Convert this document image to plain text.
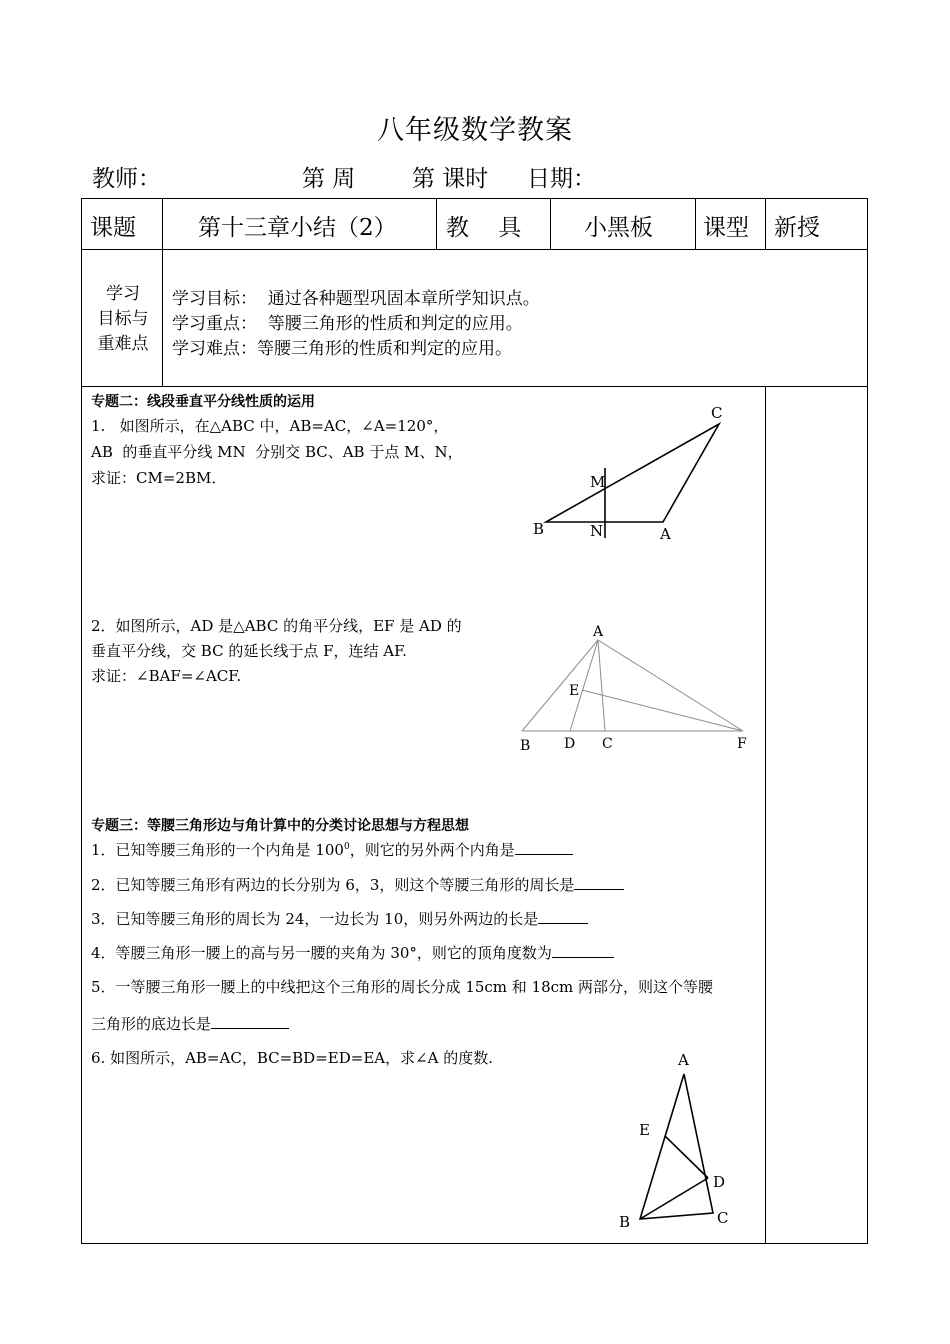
八年级数学教案
教师：	第 周 第 课时 日期：
课题	第十三章小结（2） 教    具	小黑板 课型 新授
学习
目标与
重难点
学习目标：  通过各种题型巩固本章所学知识点。
学习重点：  等腰三角形的性质和判定的应用。
学习难点：等腰三角形的性质和判定的应用。
专题二：线段垂直平分线性质的运用
1.   如图所示，在△ABC 中，AB=AC，∠A=120°，
AB  的垂直平分线 MN  分别交 BC、AB 于点 M、N，
求证：CM=2BM．
C
M
B	N	A
2．如图所示，AD 是△ABC 的角平分线，EF 是 AD 的
垂直平分线，交 BC 的延长线于点 F，连结 AF.
求证：∠BAF=∠ACF.
A
E
B D C	F
专题三：等腰三角形边与角计算中的分类讨论思想与方程思想
1．已知等腰三角形的一个内角是 $100^0$，则它的另外两个内角是
2．已知等腰三角形有两边的长分别为 6，3，则这个等腰三角形的周长是
3．已知等腰三角形的周长为 24，一边长为 10，则另外两边的长是
4．等腰三角形一腰上的高与另一腰的夹角为 30°，则它的顶角度数为
5．一等腰三角形一腰上的中线把这个三角形的周长分成 15cm 和 18cm 两部分，则这个等腰
三角形的底边长是
6. 如图所示，AB=AC，BC=BD=ED=EA，求∠A 的度数.	A
E
D
B	C
